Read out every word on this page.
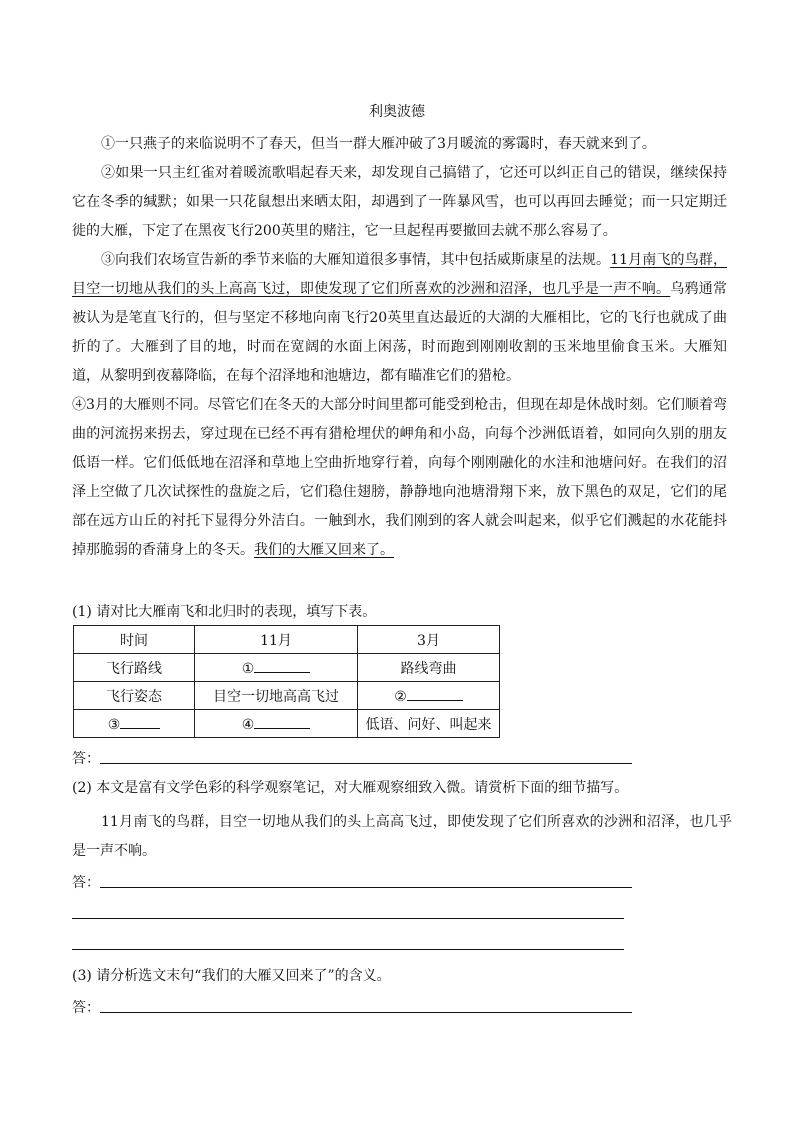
利奥波德

①一只燕子的来临说明不了春天，但当一群大雁冲破了3月暖流的雾霭时，春天就来到了。

②如果一只主红雀对着暖流歌唱起春天来，却发现自己搞错了，它还可以纠正自己的错误，继续保持它在冬季的缄默；如果一只花鼠想出来晒太阳，却遇到了一阵暴风雪，也可以再回去睡觉；而一只定期迁徙的大雁，下定了在黑夜飞行200英里的赌注，它一旦起程再要撤回去就不那么容易了。

③向我们农场宣告新的季节来临的大雁知道很多事情，其中包括威斯康星的法规。11月南飞的鸟群，目空一切地从我们的头上高高飞过，即使发现了它们所喜欢的沙洲和沼泽，也几乎是一声不响。乌鸦通常被认为是笔直飞行的，但与坚定不移地向南飞行20英里直达最近的大湖的大雁相比，它的飞行也就成了曲折的了。大雁到了目的地，时而在宽阔的水面上闲荡，时而跑到刚刚收割的玉米地里偷食玉米。大雁知道，从黎明到夜幕降临，在每个沼泽地和池塘边，都有瞄准它们的猎枪。

④3月的大雁则不同。尽管它们在冬天的大部分时间里都可能受到枪击，但现在却是休战时刻。它们顺着弯曲的河流拐来拐去，穿过现在已经不再有猎枪埋伏的岬角和小岛，向每个沙洲低语着，如同向久别的朋友低语一样。它们低低地在沼泽和草地上空曲折地穿行着，向每个刚刚融化的水洼和池塘问好。在我们的沼泽上空做了几次试探性的盘旋之后，它们稳住翅膀，静静地向池塘滑翔下来，放下黑色的双足，它们的尾部在远方山丘的衬托下显得分外洁白。一触到水，我们刚到的客人就会叫起来，似乎它们溅起的水花能抖掉那脆弱的香蒲身上的冬天。我们的大雁又回来了。

(1) 请对比大雁南飞和北归时的表现，填写下表。
时间	11月	3月
飞行路线	①	路线弯曲
飞行姿态	目空一切地高高飞过	②
③	④	低语、问好、叫起来
答：
(2) 本文是富有文学色彩的科学观察笔记，对大雁观察细致入微。请赏析下面的细节描写。
11月南飞的鸟群，目空一切地从我们的头上高高飞过，即使发现了它们所喜欢的沙洲和沼泽，也几乎是一声不响。
答：
(3) 请分析选文末句“我们的大雁又回来了”的含义。
答：
